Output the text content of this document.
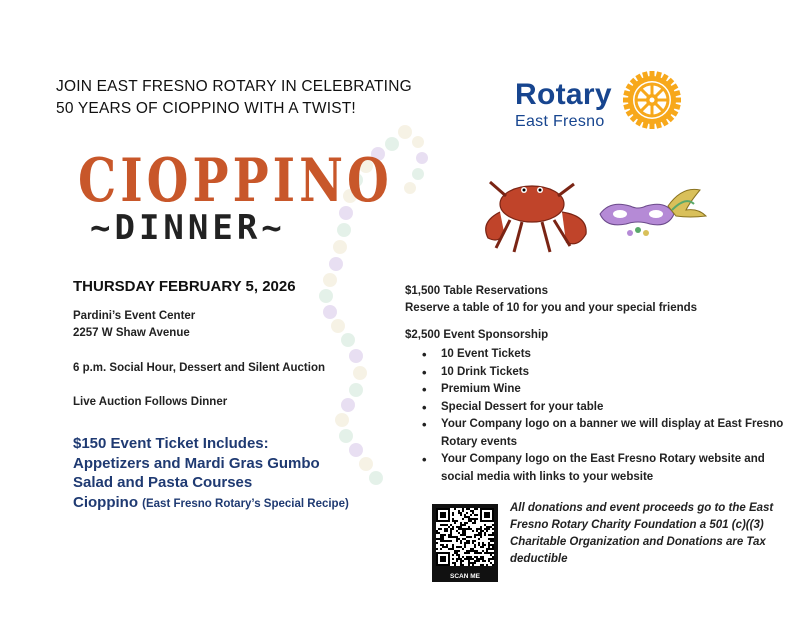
JOIN EAST FRESNO ROTARY IN CELEBRATING
50 YEARS OF CIOPPINO WITH A TWIST!	Rotary
East Fresno
CIOPPINO
~DINNER~
THURSDAY FEBRUARY 5, 2026
Pardini’s Event Center
2257 W Shaw Avenue
6 p.m. Social Hour, Dessert and Silent Auction
Live Auction Follows Dinner
$150 Event Ticket Includes:
Appetizers and Mardi Gras Gumbo
Salad and Pasta Courses
Cioppino (East Fresno Rotary’s Special Recipe)
$1,500 Table Reservations
Reserve a table of 10 for you and your special friends
$2,500 Event Sponsorship
• 10 Event Tickets
• 10 Drink Tickets
• Premium Wine
• Special Dessert for your table
• Your Company logo on a banner we will display at East Fresno Rotary events
• Your Company logo on the East Fresno Rotary website and social media with links to your website
SCAN ME
All donations and event proceeds go to the East Fresno Rotary Charity Foundation a 501 (c)((3) Charitable Organization and Donations are Tax deductible
